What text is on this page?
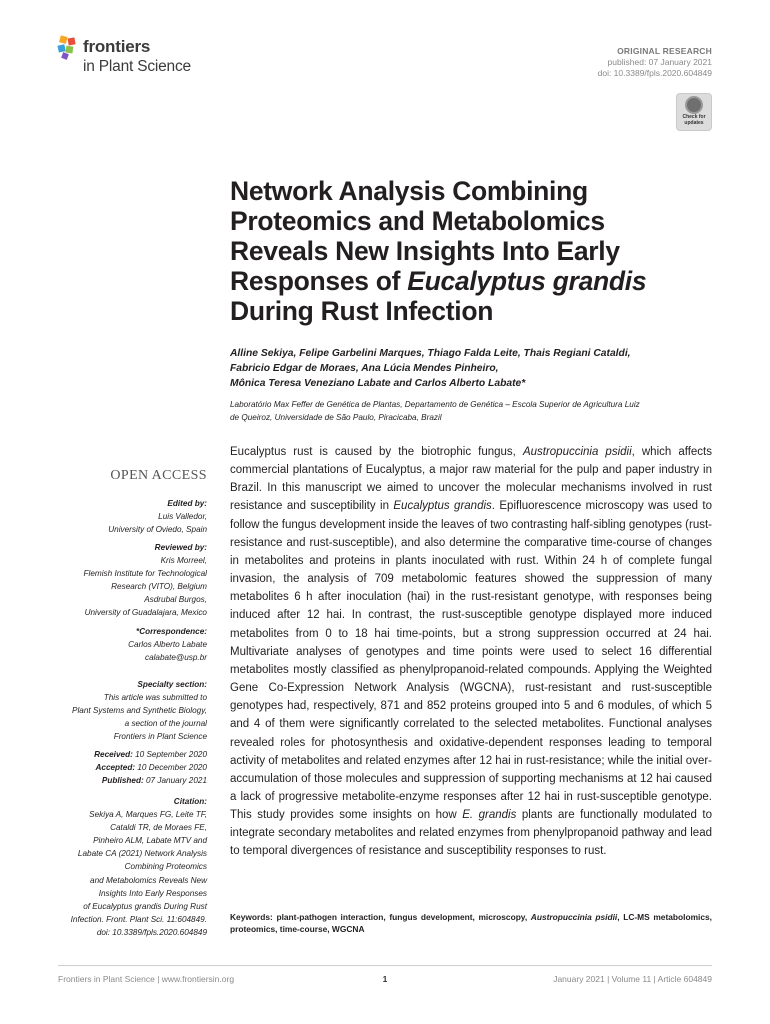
frontiers
in Plant Science
ORIGINAL RESEARCH
published: 07 January 2021
doi: 10.3389/fpls.2020.604849
Check for
updates
Network Analysis Combining Proteomics and Metabolomics Reveals New Insights Into Early Responses of Eucalyptus grandis During Rust Infection
Alline Sekiya, Felipe Garbelini Marques, Thiago Falda Leite, Thais Regiani Cataldi,
Fabricio Edgar de Moraes, Ana Lúcia Mendes Pinheiro,
Mônica Teresa Veneziano Labate and Carlos Alberto Labate*
Laboratório Max Feffer de Genética de Plantas, Departamento de Genética – Escola Superior de Agricultura Luiz
de Queiroz, Universidade de São Paulo, Piracicaba, Brazil

Eucalyptus rust is caused by the biotrophic fungus, Austropuccinia psidii, which affects commercial plantations of Eucalyptus, a major raw material for the pulp and paper industry in Brazil. In this manuscript we aimed to uncover the molecular mechanisms involved in rust resistance and susceptibility in Eucalyptus grandis. Epifluorescence microscopy was used to follow the fungus development inside the leaves of two contrasting half-sibling genotypes (rust-resistance and rust-susceptible), and also determine the comparative time-course of changes in metabolites and proteins in plants inoculated with rust. Within 24 h of complete fungal invasion, the analysis of 709 metabolomic features showed the suppression of many metabolites 6 h after inoculation (hai) in the rust-resistant genotype, with responses being induced after 12 hai. In contrast, the rust-susceptible genotype displayed more induced metabolites from 0 to 18 hai time-points, but a strong suppression occurred at 24 hai. Multivariate analyses of genotypes and time points were used to select 16 differential metabolites mostly classified as phenylpropanoid-related compounds. Applying the Weighted Gene Co-Expression Network Analysis (WGCNA), rust-resistant and rust-susceptible genotypes had, respectively, 871 and 852 proteins grouped into 5 and 6 modules, of which 5 and 4 of them were significantly correlated to the selected metabolites. Functional analyses revealed roles for photosynthesis and oxidative-dependent responses leading to temporal activity of metabolites and related enzymes after 12 hai in rust-resistance; while the initial over-accumulation of those molecules and suppression of supporting mechanisms at 12 hai caused a lack of progressive metabolite-enzyme responses after 12 hai in rust-susceptible genotype. This study provides some insights on how E. grandis plants are functionally modulated to integrate secondary metabolites and related enzymes from phenylpropanoid pathway and lead to temporal divergences of resistance and susceptibility responses to rust.

Keywords: plant-pathogen interaction, fungus development, microscopy, Austropuccinia psidii, LC-MS metabolomics, proteomics, time-course, WGCNA
OPEN ACCESS
Edited by:
Luis Valledor,
University of Oviedo, Spain
Reviewed by:
Kris Morreel,
Flemish Institute for Technological
Research (VITO), Belgium
Asdrubal Burgos,
University of Guadalajara, Mexico
*Correspondence:
Carlos Alberto Labate
calabate@usp.br
Specialty section:
This article was submitted to
Plant Systems and Synthetic Biology,
a section of the journal
Frontiers in Plant Science
Received: 10 September 2020
Accepted: 10 December 2020
Published: 07 January 2021
Citation:
Sekiya A, Marques FG, Leite TF,
Cataldi TR, de Moraes FE,
Pinheiro ALM, Labate MTV and
Labate CA (2021) Network Analysis
Combining Proteomics
and Metabolomics Reveals New
Insights Into Early Responses
of Eucalyptus grandis During Rust
Infection. Front. Plant Sci. 11:604849.
doi: 10.3389/fpls.2020.604849
Frontiers in Plant Science | www.frontiersin.org	1	January 2021 | Volume 11 | Article 604849
